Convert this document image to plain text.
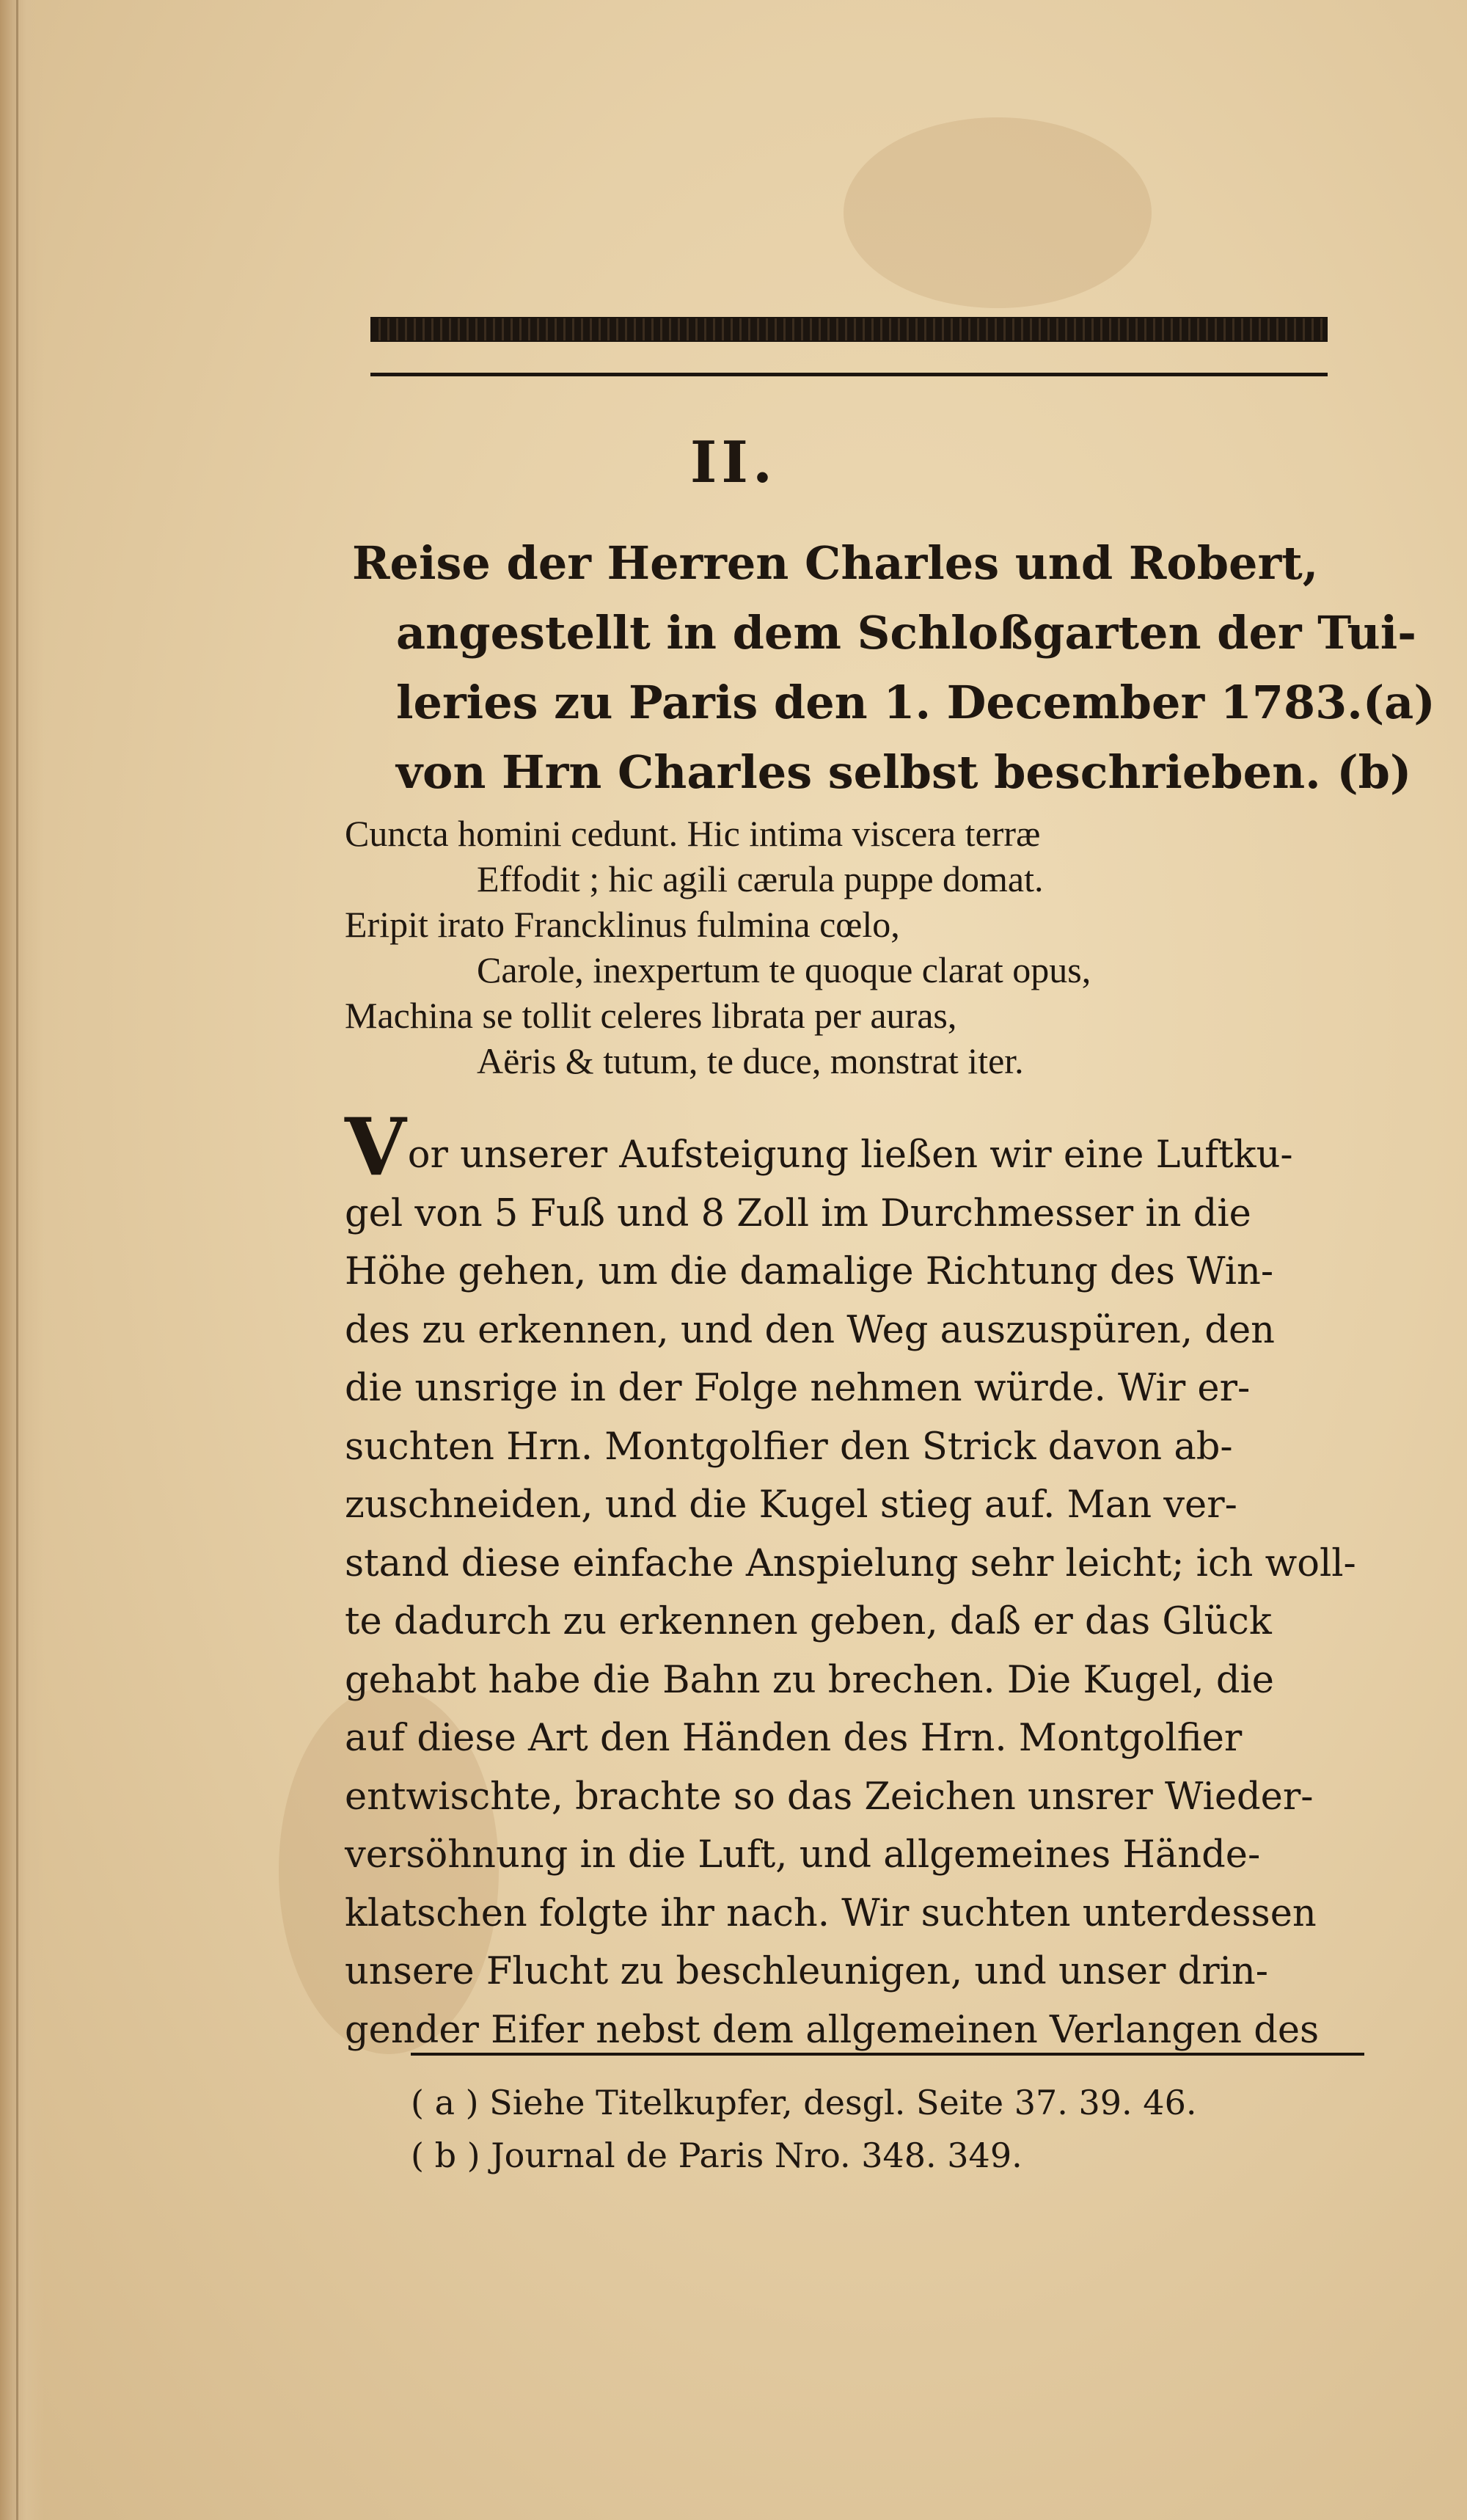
II.
Reise der Herren Charles und Robert,
angestellt in dem Schloßgarten der Tui-
leries zu Paris den 1. December 1783.(a)
von Hrn Charles selbst beschrieben. (b)
Cuncta homini cedunt. Hic intima viscera terræ
Effodit ; hic agili cærula puppe domat.
Eripit irato Francklinus fulmina cœlo,
Carole, inexpertum te quoque clarat opus,
Machina se tollit celeres librata per auras,
Aëris & tutum, te duce, monstrat iter.
Vor unserer Aufsteigung ließen wir eine Luftku-
gel von 5 Fuß und 8 Zoll im Durchmesser in die
Höhe gehen, um die damalige Richtung des Win-
des zu erkennen, und den Weg auszuspüren, den
die unsrige in der Folge nehmen würde. Wir er-
suchten Hrn. Montgolfier den Strick davon ab-
zuschneiden, und die Kugel stieg auf. Man ver-
stand diese einfache Anspielung sehr leicht; ich woll-
te dadurch zu erkennen geben, daß er das Glück
gehabt habe die Bahn zu brechen. Die Kugel, die
auf diese Art den Händen des Hrn. Montgolfier
entwischte, brachte so das Zeichen unsrer Wieder-
versöhnung in die Luft, und allgemeines Hände-
klatschen folgte ihr nach. Wir suchten unterdessen
unsere Flucht zu beschleunigen, und unser drin-
gender Eifer nebst dem allgemeinen Verlangen des
( a ) Siehe Titelkupfer, desgl. Seite 37. 39. 46.
( b ) Journal de Paris Nro. 348. 349.
